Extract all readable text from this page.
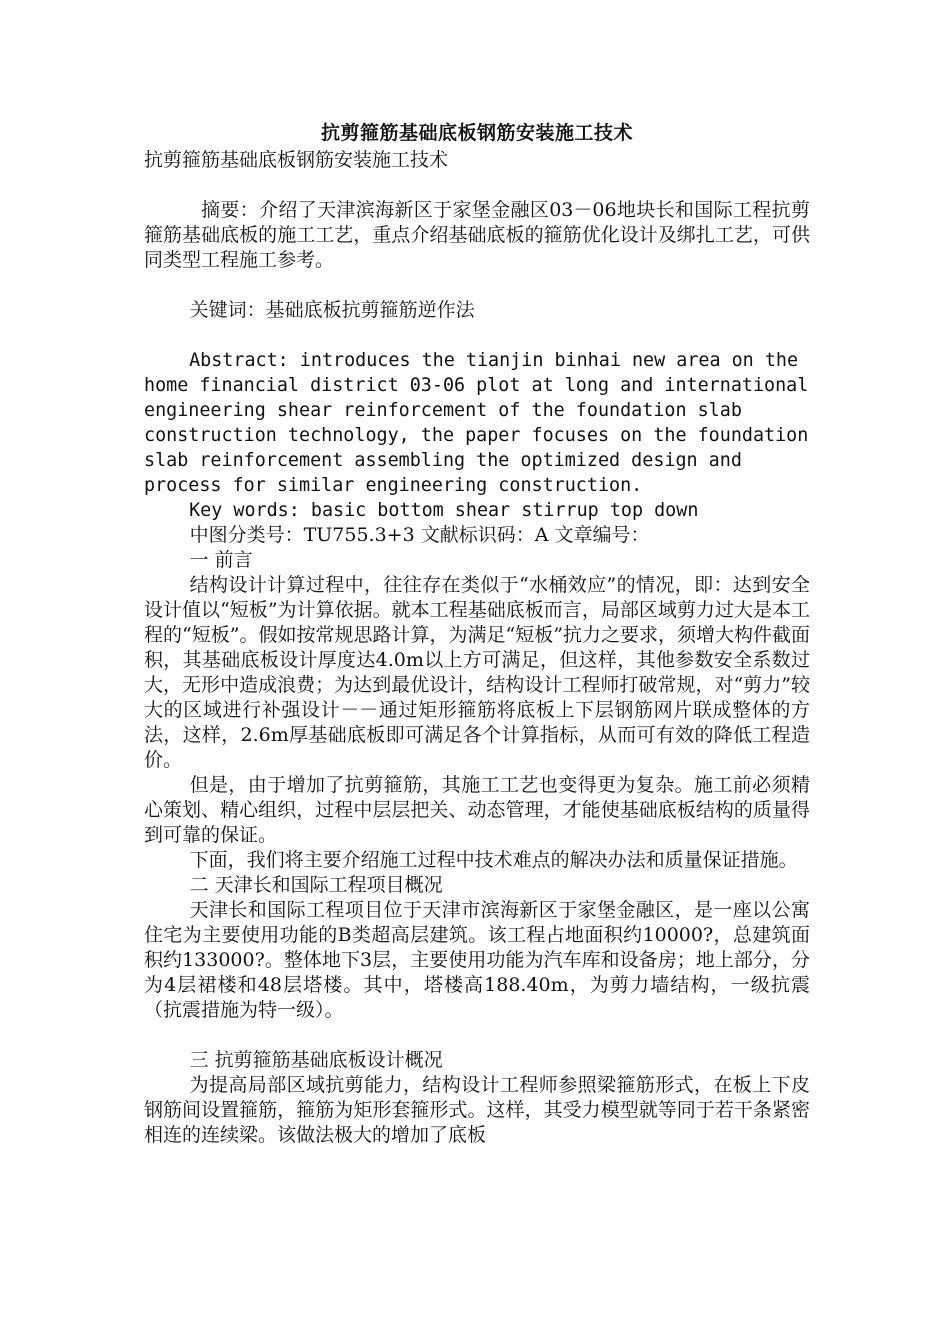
抗剪箍筋基础底板钢筋安装施工技术

抗剪箍筋基础底板钢筋安装施工技术

摘要：介绍了天津滨海新区于家堡金融区03－06地块长和国际工程抗剪箍筋基础底板的施工工艺，重点介绍基础底板的箍筋优化设计及绑扎工艺，可供同类型工程施工参考。

关键词：基础底板抗剪箍筋逆作法

Abstract: introduces the tianjin binhai new area on the home financial district 03-06 plot at long and international engineering shear reinforcement of the foundation slab construction technology, the paper focuses on the foundation slab reinforcement assembling the optimized design and process for similar engineering construction.

Key words: basic bottom shear stirrup top down

中图分类号：TU755.3+3 文献标识码：A 文章编号：

一 前言

结构设计计算过程中，往往存在类似于“水桶效应”的情况，即：达到安全设计值以“短板”为计算依据。就本工程基础底板而言，局部区域剪力过大是本工程的“短板”。假如按常规思路计算，为满足“短板”抗力之要求，须增大构件截面积，其基础底板设计厚度达4.0m以上方可满足，但这样，其他参数安全系数过大，无形中造成浪费；为达到最优设计，结构设计工程师打破常规，对“剪力”较大的区域进行补强设计－－通过矩形箍筋将底板上下层钢筋网片联成整体的方法，这样，2.6m厚基础底板即可满足各个计算指标，从而可有效的降低工程造价。

但是，由于增加了抗剪箍筋，其施工工艺也变得更为复杂。施工前必须精心策划、精心组织，过程中层层把关、动态管理，才能使基础底板结构的质量得到可靠的保证。

下面，我们将主要介绍施工过程中技术难点的解决办法和质量保证措施。

二 天津长和国际工程项目概况

天津长和国际工程项目位于天津市滨海新区于家堡金融区，是一座以公寓住宅为主要使用功能的B类超高层建筑。该工程占地面积约10000?，总建筑面积约133000?。整体地下3层，主要使用功能为汽车库和设备房；地上部分，分为4层裙楼和48层塔楼。其中，塔楼高188.40m，为剪力墙结构，一级抗震（抗震措施为特一级）。

三 抗剪箍筋基础底板设计概况

为提高局部区域抗剪能力，结构设计工程师参照梁箍筋形式，在板上下皮钢筋间设置箍筋，箍筋为矩形套箍形式。这样，其受力模型就等同于若干条紧密相连的连续梁。该做法极大的增加了底板
